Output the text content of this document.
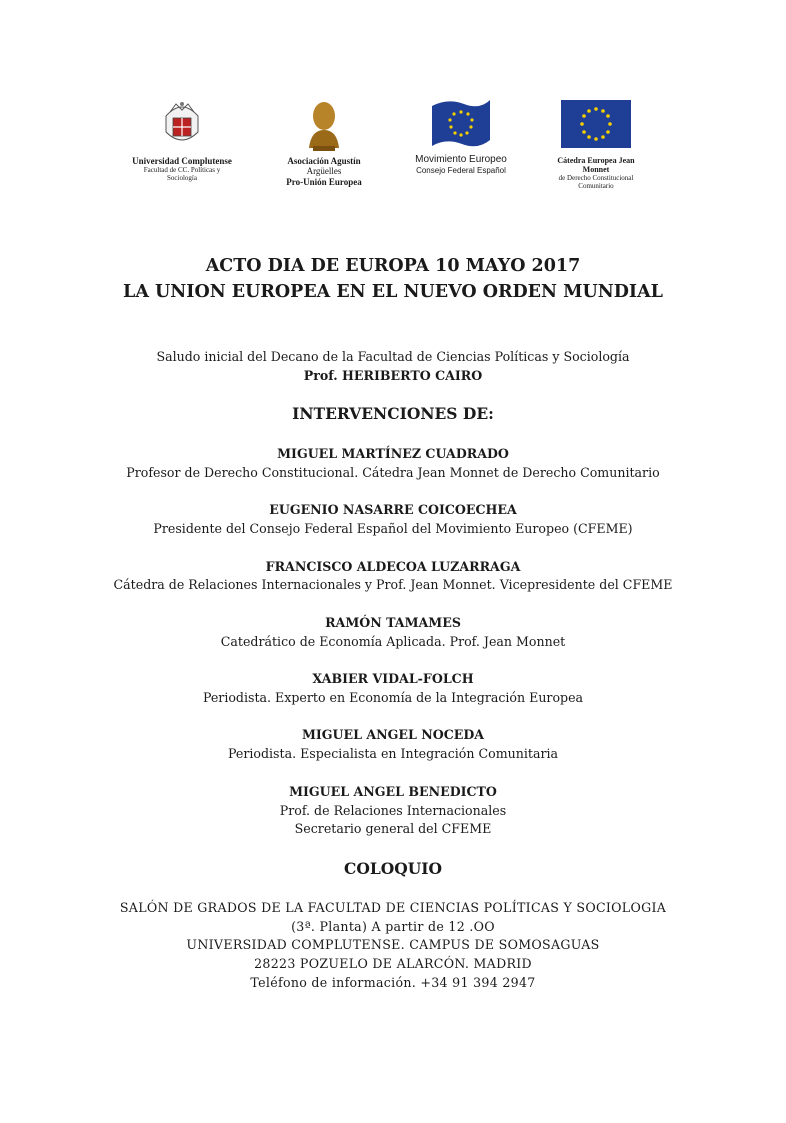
Universidad Complutense
Facultad de CC. Políticas y
Sociología
Asociación Agustín
Argüelles
Pro-Unión Europea
Movimiento Europeo
Consejo Federal Español
Cátedra Europea Jean
Monnet
de Derecho Constitucional
Comunitario
ACTO DIA DE EUROPA 10 MAYO 2017
LA UNION EUROPEA EN EL NUEVO ORDEN MUNDIAL
Saludo inicial del Decano de la Facultad de Ciencias Políticas y Sociología
Prof. HERIBERTO CAIRO
INTERVENCIONES DE:
MIGUEL MARTÍNEZ CUADRADO
Profesor de Derecho Constitucional. Cátedra Jean Monnet de Derecho Comunitario
EUGENIO NASARRE COICOECHEA
Presidente del Consejo Federal Español del Movimiento Europeo (CFEME)
FRANCISCO ALDECOA LUZARRAGA
Cátedra de Relaciones Internacionales y Prof. Jean Monnet. Vicepresidente del CFEME
RAMÓN TAMAMES
Catedrático de Economía Aplicada. Prof. Jean Monnet
XABIER VIDAL-FOLCH
Periodista. Experto en Economía de la Integración Europea
MIGUEL ANGEL NOCEDA
Periodista. Especialista en Integración Comunitaria
MIGUEL ANGEL BENEDICTO
Prof. de Relaciones Internacionales
Secretario general del CFEME
COLOQUIO
SALÓN DE GRADOS DE LA FACULTAD DE CIENCIAS POLÍTICAS Y SOCIOLOGIA
(3ª. Planta) A partir de 12 .OO
UNIVERSIDAD COMPLUTENSE. CAMPUS DE SOMOSAGUAS
28223 POZUELO DE ALARCÓN. MADRID
Teléfono de información. +34 91 394 2947
